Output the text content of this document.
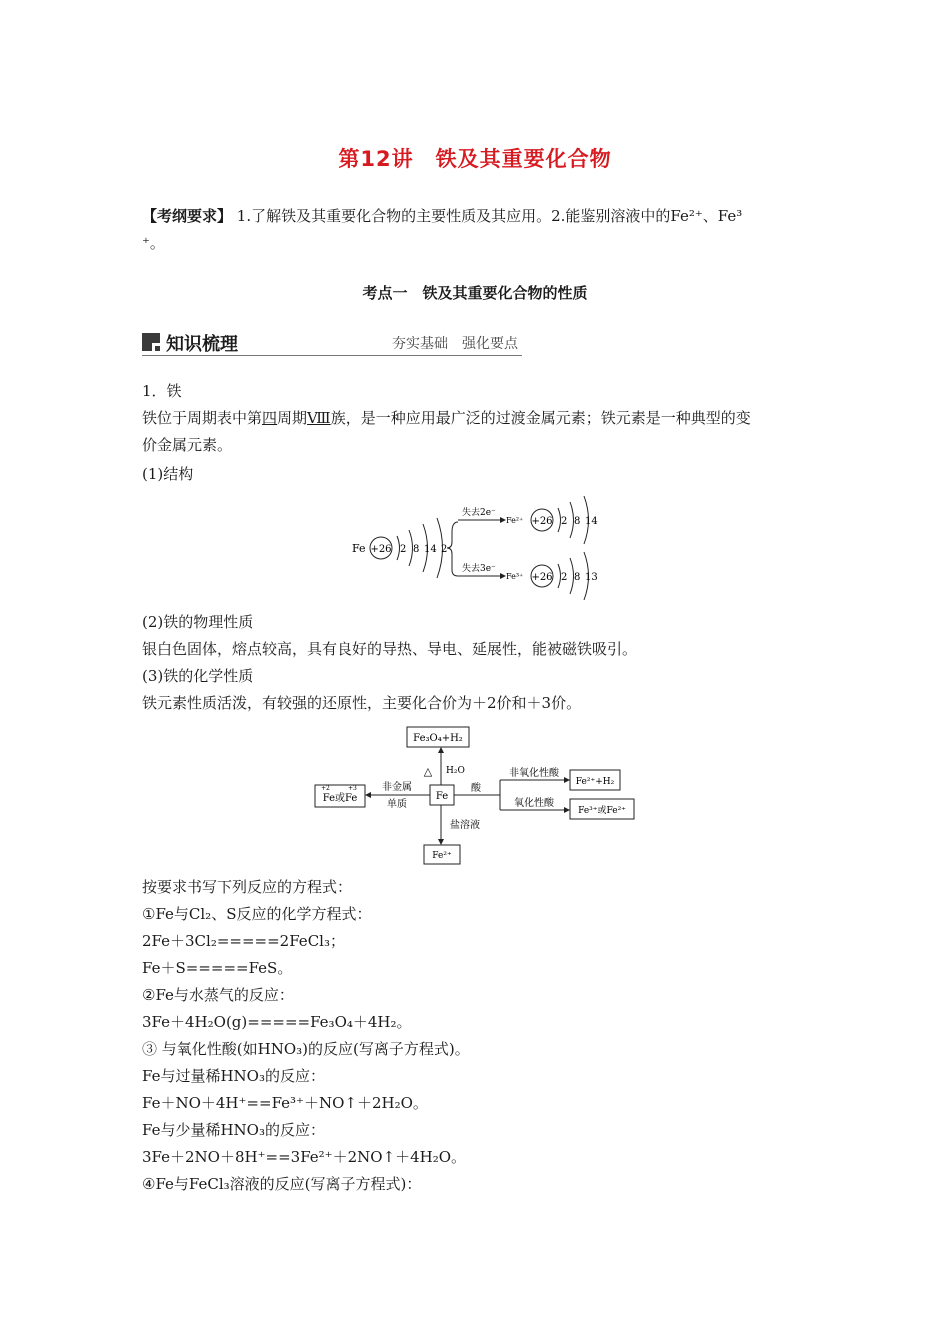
第12讲　铁及其重要化合物
【考纲要求】 1.了解铁及其重要化合物的主要性质及其应用。2.能鉴别溶液中的Fe²⁺、Fe³
⁺。
考点一　铁及其重要化合物的性质
知识梳理	夯实基础　强化要点
1．铁
铁位于周期表中第四周期Ⅷ族，是一种应用最广泛的过渡金属元素；铁元素是一种典型的变
价金属元素。
(1)结构
Fe +26 2 8 14 2
失去2e⁻
Fe²⁺ +26 2 8 14
失去3e⁻
Fe³⁺ +26 2 8 13
(2)铁的物理性质
银白色固体，熔点较高，具有良好的导热、导电、延展性，能被磁铁吸引。
(3)铁的化学性质
铁元素性质活泼，有较强的还原性，主要化合价为＋2价和＋3价。
Fe₃O₄+H₂
△ H₂O
Fe
Fe或Fe
+2	+3	非金属
单质
酸
非氧化性酸
Fe²⁺+H₂
氧化性酸
Fe³⁺或Fe²⁺
盐溶液
Fe²⁺
按要求书写下列反应的方程式：
①Fe与Cl₂、S反应的化学方程式：
2Fe＋3Cl₂=====2FeCl₃；
Fe＋S=====FeS。
②Fe与水蒸气的反应：
3Fe＋4H₂O(g)=====Fe₃O₄＋4H₂。
③ 与氧化性酸(如HNO₃)的反应(写离子方程式)。
Fe与过量稀HNO₃的反应：
Fe＋NO＋4H⁺==Fe³⁺＋NO↑＋2H₂O。
Fe与少量稀HNO₃的反应：
3Fe＋2NO＋8H⁺==3Fe²⁺＋2NO↑＋4H₂O。
④Fe与FeCl₃溶液的反应(写离子方程式)：
